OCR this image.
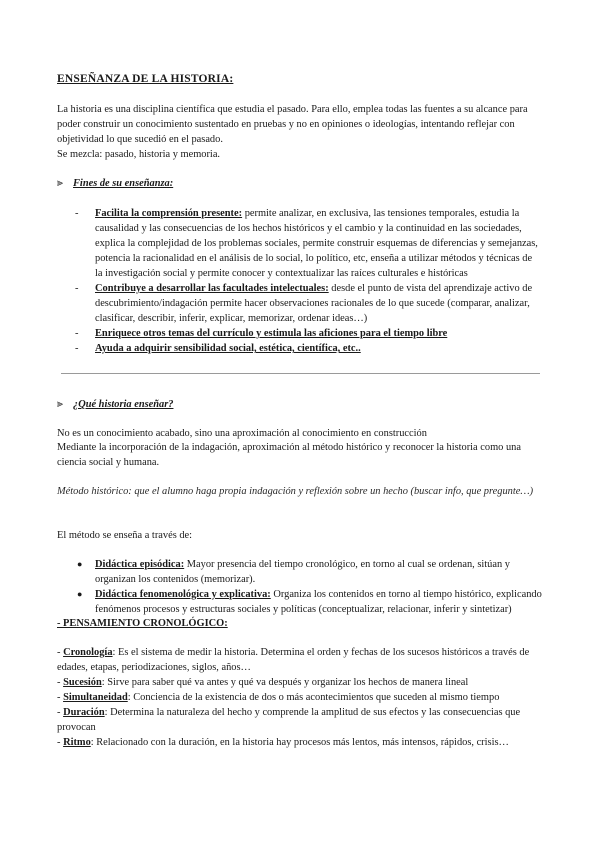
ENSEÑANZA DE LA HISTORIA:

La historia es una disciplina científica que estudia el pasado. Para ello, emplea todas las fuentes a su alcance para poder construir un conocimiento sustentado en pruebas y no en opiniones o ideologías, intentando reflejar con objetividad lo que sucedió en el pasado.

Se mezcla: pasado, historia y memoria.

⫸ Fines de su enseñanza:

- Facilita la comprensión presente: permite analizar, en exclusiva, las tensiones temporales, estudia la causalidad y las consecuencias de los hechos históricos y el cambio y la continuidad en las sociedades, explica la complejidad de los problemas sociales, permite construir esquemas de diferencias y semejanzas, potencia la racionalidad en el análisis de lo social, lo político, etc, enseña a utilizar métodos y técnicas de la investigación social y permite conocer y contextualizar las raíces culturales e históricas
- Contribuye a desarrollar las facultades intelectuales: desde el punto de vista del aprendizaje activo de descubrimiento/indagación permite hacer observaciones racionales de lo que sucede (comparar, analizar, clasificar, describir, inferir, explicar, memorizar, ordenar ideas…)
- Enriquece otros temas del currículo y estimula las aficiones para el tiempo libre
- Ayuda a adquirir sensibilidad social, estética, científica, etc..

⫸ ¿Qué historia enseñar?

No es un conocimiento acabado, sino una aproximación al conocimiento en construcción

Mediante la incorporación de la indagación, aproximación al método histórico y reconocer la historia como una ciencia social y humana.

Método histórico: que el alumno haga propia indagación y reflexión sobre un hecho (buscar info, que pregunte…)

El método se enseña a través de:

● Didáctica episódica: Mayor presencia del tiempo cronológico, en torno al cual se ordenan, sitúan y organizan los contenidos (memorizar).
● Didáctica fenomenológica y explicativa: Organiza los contenidos en torno al tiempo histórico, explicando fenómenos procesos y estructuras sociales y políticas (conceptualizar, relacionar, inferir y sintetizar)

- PENSAMIENTO CRONOLÓGICO:

- Cronología: Es el sistema de medir la historia. Determina el orden y fechas de los sucesos históricos a través de edades, etapas, periodizaciones, siglos, años…

- Sucesión: Sirve para saber qué va antes y qué va después y organizar los hechos de manera lineal

- Simultaneidad: Conciencia de la existencia de dos o más acontecimientos que suceden al mismo tiempo

- Duración: Determina la naturaleza del hecho y comprende la amplitud de sus efectos y las consecuencias que provocan

- Ritmo: Relacionado con la duración, en la historia hay procesos más lentos, más intensos, rápidos, crisis…
